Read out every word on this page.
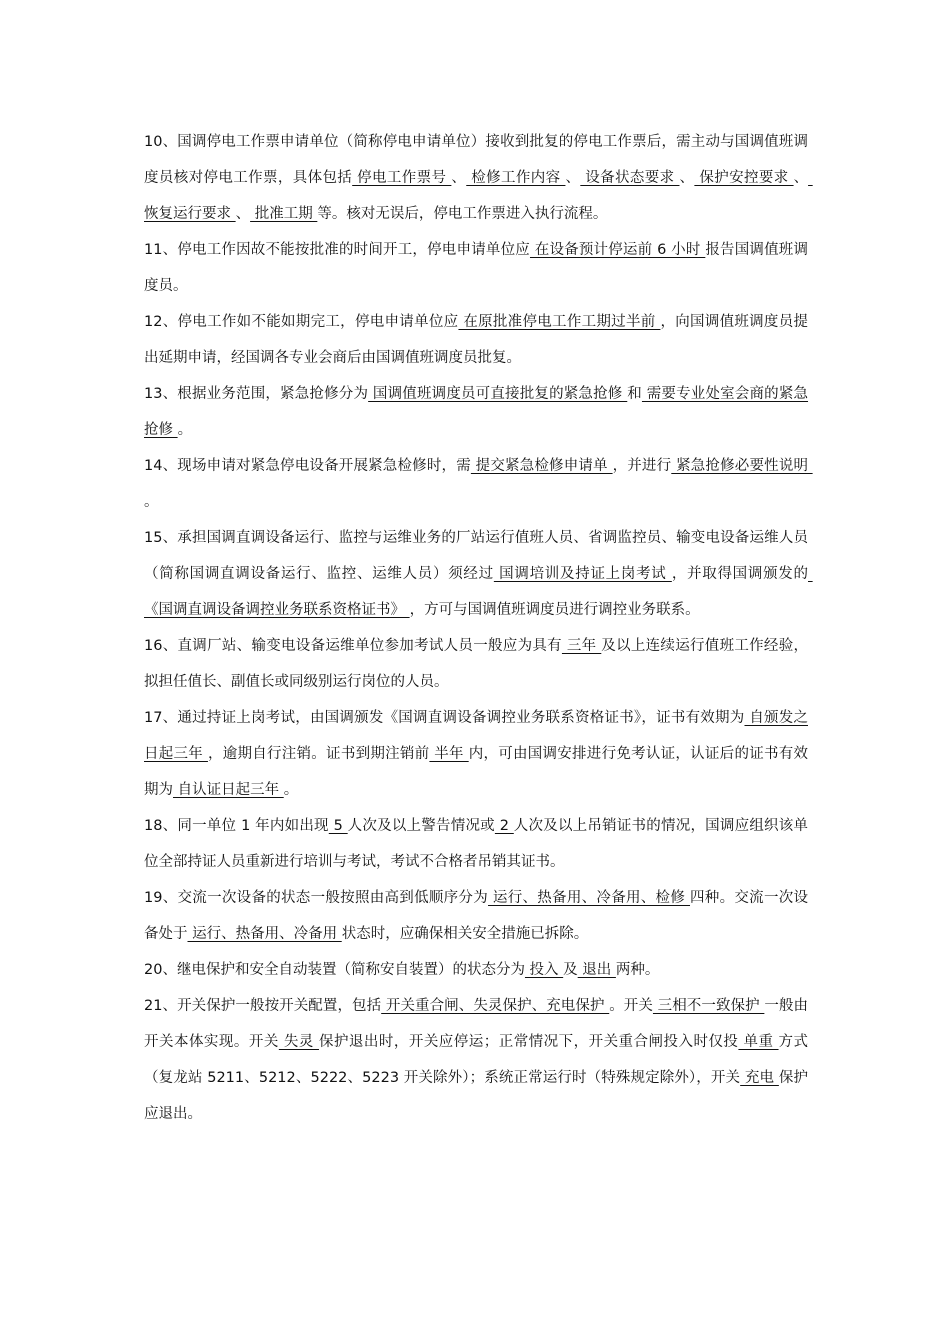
10、国调停电工作票申请单位（简称停电申请单位）接收到批复的停电工作票后，需主动与国调值班调度员核对停电工作票，具体包括 停电工作票号 、 检修工作内容 、 设备状态要求 、 保护安控要求 、 恢复运行要求 、 批准工期 等。核对无误后，停电工作票进入执行流程。

11、停电工作因故不能按批准的时间开工，停电申请单位应 在设备预计停运前 6 小时 报告国调值班调度员。

12、停电工作如不能如期完工，停电申请单位应 在原批准停电工作工期过半前 ，向国调值班调度员提出延期申请，经国调各专业会商后由国调值班调度员批复。

13、根据业务范围，紧急抢修分为 国调值班调度员可直接批复的紧急抢修 和 需要专业处室会商的紧急抢修 。

14、现场申请对紧急停电设备开展紧急检修时，需 提交紧急检修申请单 ，并进行 紧急抢修必要性说明 。

15、承担国调直调设备运行、监控与运维业务的厂站运行值班人员、省调监控员、输变电设备运维人员（简称国调直调设备运行、监控、运维人员）须经过 国调培训及持证上岗考试 ，并取得国调颁发的 《国调直调设备调控业务联系资格证书》 ，方可与国调值班调度员进行调控业务联系。

16、直调厂站、输变电设备运维单位参加考试人员一般应为具有 三年 及以上连续运行值班工作经验，拟担任值长、副值长或同级别运行岗位的人员。

17、通过持证上岗考试，由国调颁发《国调直调设备调控业务联系资格证书》，证书有效期为 自颁发之日起三年 ，逾期自行注销。证书到期注销前 半年 内，可由国调安排进行免考认证，认证后的证书有效期为 自认证日起三年 。

18、同一单位 1 年内如出现 5 人次及以上警告情况或 2 人次及以上吊销证书的情况，国调应组织该单位全部持证人员重新进行培训与考试，考试不合格者吊销其证书。

19、交流一次设备的状态一般按照由高到低顺序分为 运行、热备用、冷备用、检修 四种。交流一次设备处于 运行、热备用、冷备用 状态时，应确保相关安全措施已拆除。

20、继电保护和安全自动装置（简称安自装置）的状态分为 投入 及 退出 两种。

21、开关保护一般按开关配置，包括 开关重合闸、失灵保护、充电保护 。开关 三相不一致保护 一般由开关本体实现。开关 失灵 保护退出时，开关应停运；正常情况下，开关重合闸投入时仅投 单重 方式（复龙站 5211、5212、5222、5223 开关除外）；系统正常运行时（特殊规定除外），开关 充电 保护应退出。
